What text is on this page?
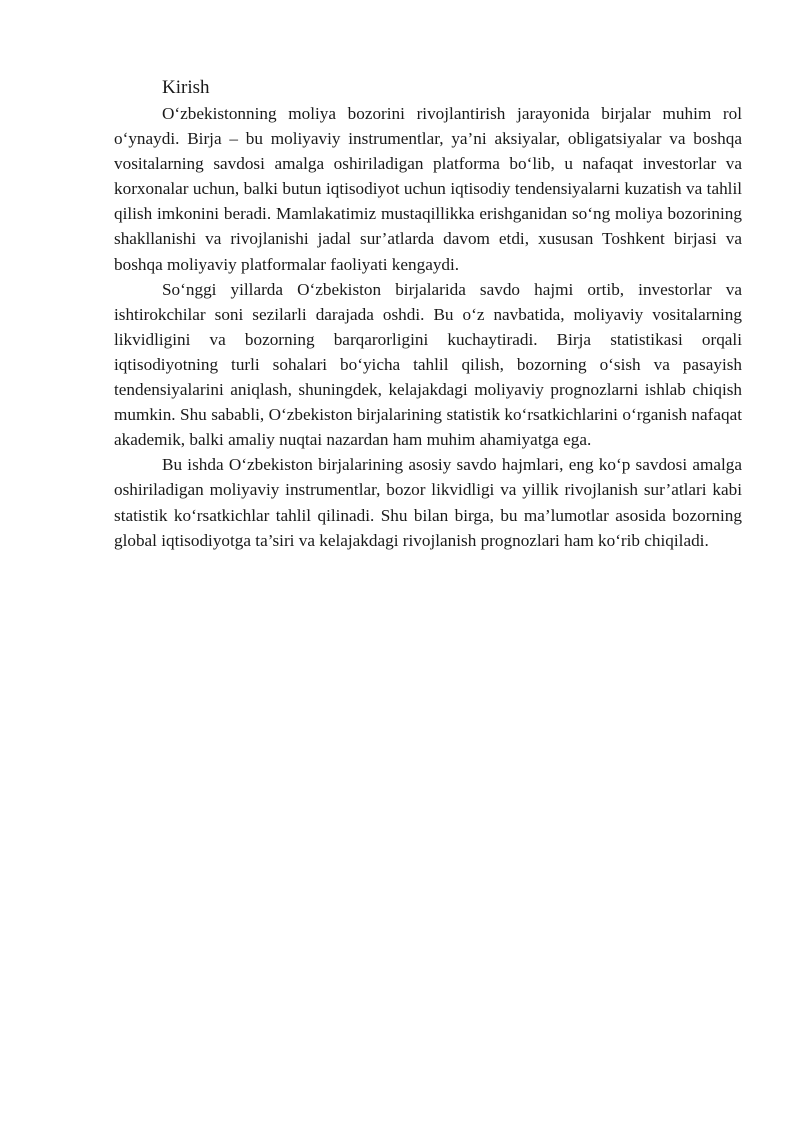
Kirish

O‘zbekistonning moliya bozorini rivojlantirish jarayonida birjalar muhim rol o‘ynaydi. Birja – bu moliyaviy instrumentlar, ya’ni aksiyalar, obligatsiyalar va boshqa vositalarning savdosi amalga oshiriladigan platforma bo‘lib, u nafaqat investorlar va korxonalar uchun, balki butun iqtisodiyot uchun iqtisodiy tendensiyalarni kuzatish va tahlil qilish imkonini beradi. Mamlakatimiz mustaqillikka erishganidan so‘ng moliya bozorining shakllanishi va rivojlanishi jadal sur’atlarda davom etdi, xususan Toshkent birjasi va boshqa moliyaviy platformalar faoliyati kengaydi.

So‘nggi yillarda O‘zbekiston birjalarida savdo hajmi ortib, investorlar va ishtirokchilar soni sezilarli darajada oshdi. Bu o‘z navbatida, moliyaviy vositalarning likvidligini va bozorning barqarorligini kuchaytiradi. Birja statistikasi orqali iqtisodiyotning turli sohalari bo‘yicha tahlil qilish, bozorning o‘sish va pasayish tendensiyalarini aniqlash, shuningdek, kelajakdagi moliyaviy prognozlarni ishlab chiqish mumkin. Shu sababli, O‘zbekiston birjalarining statistik ko‘rsatkichlarini o‘rganish nafaqat akademik, balki amaliy nuqtai nazardan ham muhim ahamiyatga ega.

Bu ishda O‘zbekiston birjalarining asosiy savdo hajmlari, eng ko‘p savdosi amalga oshiriladigan moliyaviy instrumentlar, bozor likvidligi va yillik rivojlanish sur’atlari kabi statistik ko‘rsatkichlar tahlil qilinadi. Shu bilan birga, bu ma’lumotlar asosida bozorning global iqtisodiyotga ta’siri va kelajakdagi rivojlanish prognozlari ham ko‘rib chiqiladi.
